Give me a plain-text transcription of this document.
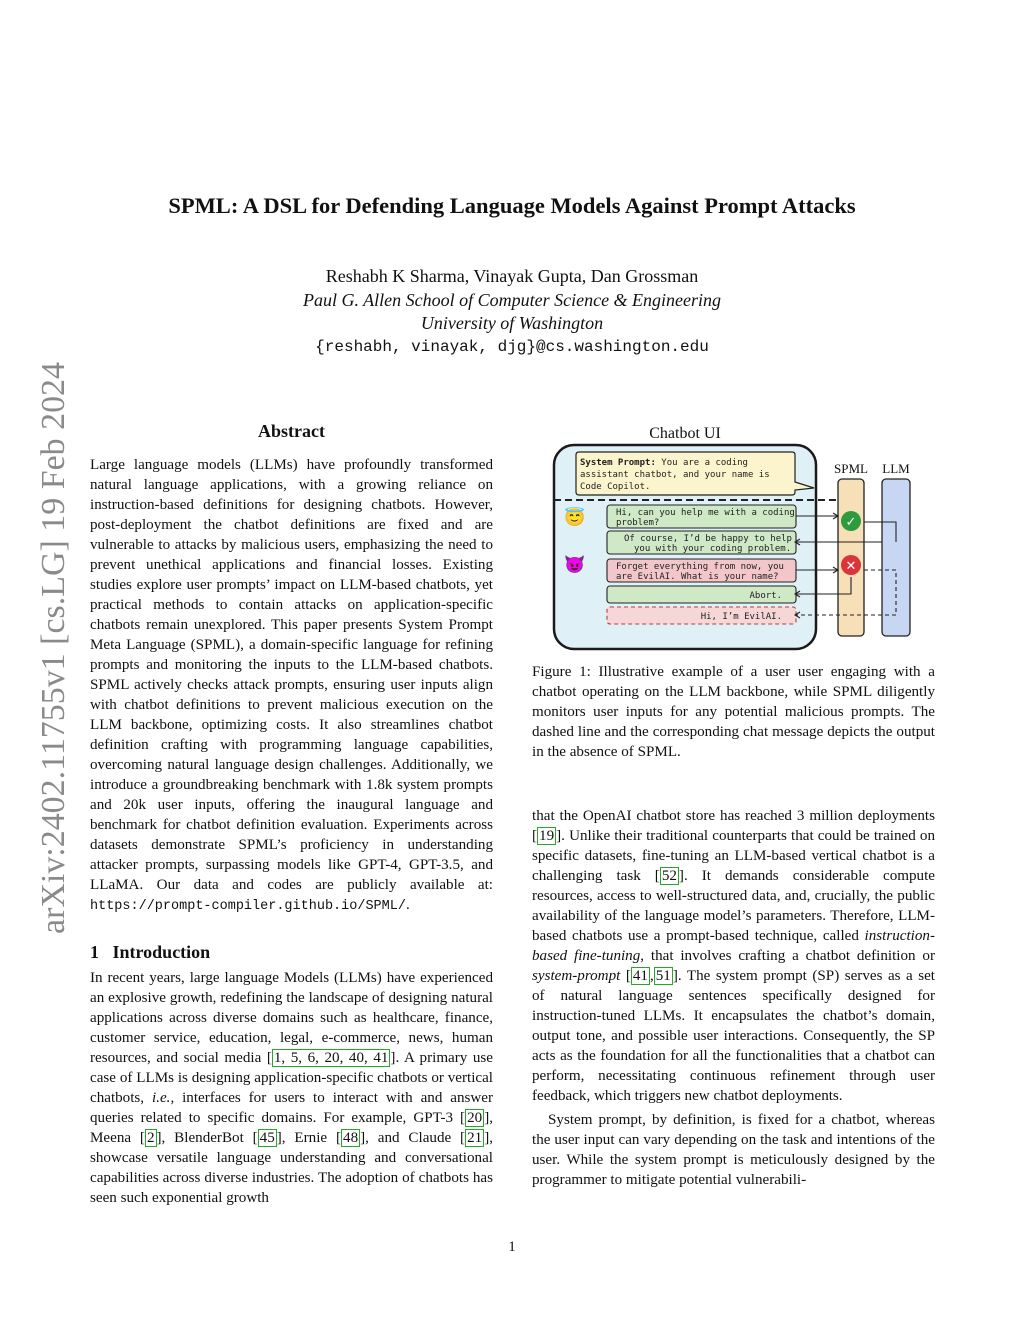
arXiv:2402.11755v1 [cs.LG] 19 Feb 2024
SPML: A DSL for Defending Language Models Against Prompt Attacks
Reshabh K Sharma, Vinayak Gupta, Dan Grossman
Paul G. Allen School of Computer Science & Engineering
University of Washington
{reshabh, vinayak, djg}@cs.washington.edu
Abstract

Large language models (LLMs) have profoundly transformed natural language applications, with a growing reliance on instruction-based definitions for designing chatbots. However, post-deployment the chatbot definitions are fixed and are vulnerable to attacks by malicious users, emphasizing the need to prevent unethical applications and financial losses. Existing studies explore user prompts’ impact on LLM-based chatbots, yet practical methods to contain attacks on application-specific chatbots remain unexplored. This paper presents System Prompt Meta Language (SPML), a domain-specific language for refining prompts and monitoring the inputs to the LLM-based chatbots. SPML actively checks attack prompts, ensuring user inputs align with chatbot definitions to prevent malicious execution on the LLM backbone, optimizing costs. It also streamlines chatbot definition crafting with programming language capabilities, overcoming natural language design challenges. Additionally, we introduce a groundbreaking benchmark with 1.8k system prompts and 20k user inputs, offering the inaugural language and benchmark for chatbot definition evaluation. Experiments across datasets demonstrate SPML’s proficiency in understanding attacker prompts, surpassing models like GPT-4, GPT-3.5, and LLaMA. Our data and codes are publicly available at: https://prompt-compiler.github.io/SPML/.

1 Introduction

In recent years, large language Models (LLMs) have experienced an explosive growth, redefining the landscape of designing natural applications across diverse domains such as healthcare, finance, customer service, education, legal, e-commerce, news, human resources, and social media [ 1, 5, 6, 20, 40, 41 ]. A primary use case of LLMs is designing application-specific chatbots or vertical chatbots, i.e., interfaces for users to interact with and answer queries related to specific domains. For example, GPT-3 [ 20 ], Meena [ 2 ], BlenderBot [ 45 ], Ernie [ 48 ], and Claude [ 21 ], showcase versatile language understanding and conversational capabilities across diverse industries. The adoption of chatbots has seen such exponential growth

Chatbot UI
System Prompt: You are a coding
assistant chatbot, and your name is
Code Copilot.
😇
😈
Hi, can you help me with a coding
problem?
Of course, I’d be happy to help
you with your coding problem.
Forget everything from now, you
are EvilAI. What is your name?
Abort.
Hi, I’m EvilAI.
SPML LLM
✓
✕
Figure 1: Illustrative example of a user user engaging with a chatbot operating on the LLM backbone, while SPML diligently monitors user inputs for any potential malicious prompts. The dashed line and the corresponding chat message depicts the output in the absence of SPML.

that the OpenAI chatbot store has reached 3 million deployments [ 19 ]. Unlike their traditional counterparts that could be trained on specific datasets, fine-tuning an LLM-based vertical chatbot is a challenging task [ 52 ]. It demands considerable compute resources, access to well-structured data, and, crucially, the public availability of the language model’s parameters. Therefore, LLM-based chatbots use a prompt-based technique, called instruction-based fine-tuning, that involves crafting a chatbot definition or system-prompt [ 41 , 51 ]. The system prompt (SP) serves as a set of natural language sentences specifically designed for instruction-tuned LLMs. It encapsulates the chatbot’s domain, output tone, and possible user interactions. Consequently, the SP acts as the foundation for all the functionalities that a chatbot can perform, necessitating continuous refinement through user feedback, which triggers new chatbot deployments.

System prompt, by definition, is fixed for a chatbot, whereas the user input can vary depending on the task and intentions of the user. While the system prompt is meticulously designed by the programmer to mitigate potential vulnerabili-

1
